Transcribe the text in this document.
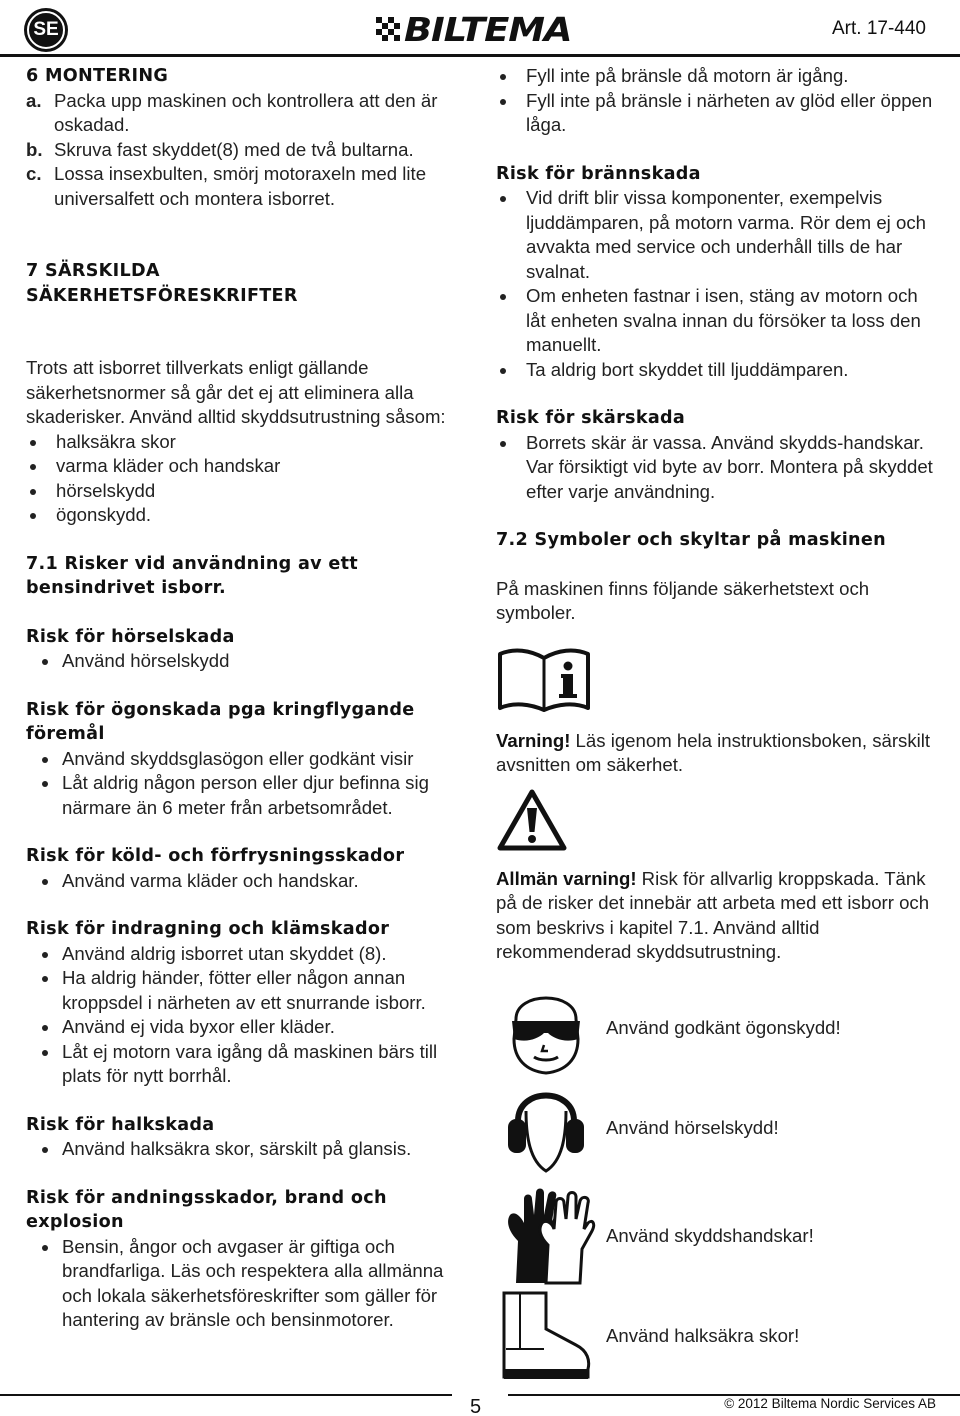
SE	BILTEMA	Art. 17-440
6 MONTERING
a. Packa upp maskinen och kontrollera att den är oskadad.
b. Skruva fast skyddet(8) med de två bultarna.
c. Lossa insexbulten, smörj motoraxeln med lite universalfett och montera isborret.
7 SÄRSKILDA SÄKERHETSFÖRESKRIFTER
Trots att isborret tillverkats enligt gällande säkerhetsnormer så går det ej att eliminera alla skaderisker. Använd alltid skyddsutrustning såsom:
halksäkra skor
varma kläder och handskar
hörselskydd
ögonskydd.
7.1 Risker vid användning av ett bensindrivet isborr.
Risk för hörselskada
Använd hörselskydd
Risk för ögonskada pga kringflygande föremål
Använd skyddsglasögon eller godkänt visir
Låt aldrig någon person eller djur befinna sig närmare än 6 meter från arbetsområdet.
Risk för köld- och förfrysningsskador
Använd varma kläder och handskar.
Risk för indragning och klämskador
Använd aldrig isborret utan skyddet (8).
Ha aldrig händer, fötter eller någon annan kroppsdel i närheten av ett snurrande isborr.
Använd ej vida byxor eller kläder.
Låt ej motorn vara igång då maskinen bärs till plats för nytt borrhål.
Risk för halkskada
Använd halksäkra skor, särskilt på glansis.
Risk för andningsskador, brand och explosion
Bensin, ångor och avgaser är giftiga och brandfarliga. Läs och respektera alla allmänna och lokala säkerhetsföreskrifter som gäller för hantering av bränsle och bensinmotorer.
Fyll inte på bränsle då motorn är igång.
Fyll inte på bränsle i närheten av glöd eller öppen låga.
Risk för brännskada
Vid drift blir vissa komponenter, exempelvis ljuddämparen, på motorn varma. Rör dem ej och avvakta med service och underhåll tills de har svalnat.
Om enheten fastnar i isen, stäng av motorn och låt enheten svalna innan du försöker ta loss den manuellt.
Ta aldrig bort skyddet till ljuddämparen.
Risk för skärskada
Borrets skär är vassa. Använd skydds-handskar. Var försiktigt vid byte av borr. Montera på skyddet efter varje användning.
7.2 Symboler och skyltar på maskinen
På maskinen finns följande säkerhetstext och symboler.
Varning! Läs igenom hela instruktionsboken, särskilt avsnitten om säkerhet.
Allmän varning! Risk för allvarlig kroppskada. Tänk på de risker det innebär att arbeta med ett isborr och som beskrivs i kapitel 7.1. Använd alltid rekommenderad skyddsutrustning.
Använd godkänt ögonskydd!
Använd hörselskydd!
Använd skyddshandskar!
Använd halksäkra skor!
5	© 2012 Biltema Nordic Services AB
